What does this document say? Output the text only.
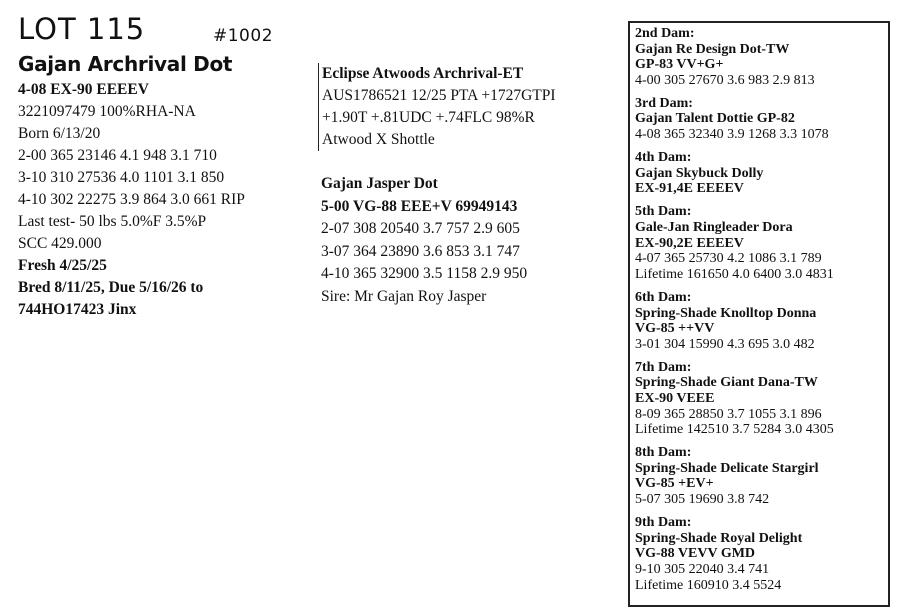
LOT 115	#1002
Gajan Archrival Dot
4-08 EX-90 EEEEV
3221097479 100%RHA-NA
Born 6/13/20
2-00 365 23146 4.1 948 3.1 710
3-10 310 27536 4.0 1101 3.1 850
4-10 302 22275 3.9 864 3.0 661 RIP
Last test- 50 lbs 5.0%F 3.5%P
SCC 429.000
Fresh 4/25/25
Bred 8/11/25, Due 5/16/26 to
744HO17423 Jinx
Eclipse Atwoods Archrival-ET
AUS1786521 12/25 PTA +1727GTPI
+1.90T +.81UDC +.74FLC 98%R
Atwood X Shottle
Gajan Jasper Dot
5-00 VG-88 EEE+V 69949143
2-07 308 20540 3.7 757 2.9 605
3-07 364 23890 3.6 853 3.1 747
4-10 365 32900 3.5 1158 2.9 950
Sire: Mr Gajan Roy Jasper
2nd Dam:
Gajan Re Design Dot-TW
GP-83 VV+G+
4-00 305 27670 3.6 983 2.9 813
3rd Dam:
Gajan Talent Dottie GP-82
4-08 365 32340 3.9 1268 3.3 1078
4th Dam:
Gajan Skybuck Dolly
EX-91,4E EEEEV
5th Dam:
Gale-Jan Ringleader Dora
EX-90,2E EEEEV
4-07 365 25730 4.2 1086 3.1 789
Lifetime 161650 4.0 6400 3.0 4831
6th Dam:
Spring-Shade Knolltop Donna
VG-85 ++VV
3-01 304 15990 4.3 695 3.0 482
7th Dam:
Spring-Shade Giant Dana-TW
EX-90 VEEE
8-09 365 28850 3.7 1055 3.1 896
Lifetime 142510 3.7 5284 3.0 4305
8th Dam:
Spring-Shade Delicate Stargirl
VG-85 +EV+
5-07 305 19690 3.8 742
9th Dam:
Spring-Shade Royal Delight
VG-88 VEVV GMD
9-10 305 22040 3.4 741
Lifetime 160910 3.4 5524
